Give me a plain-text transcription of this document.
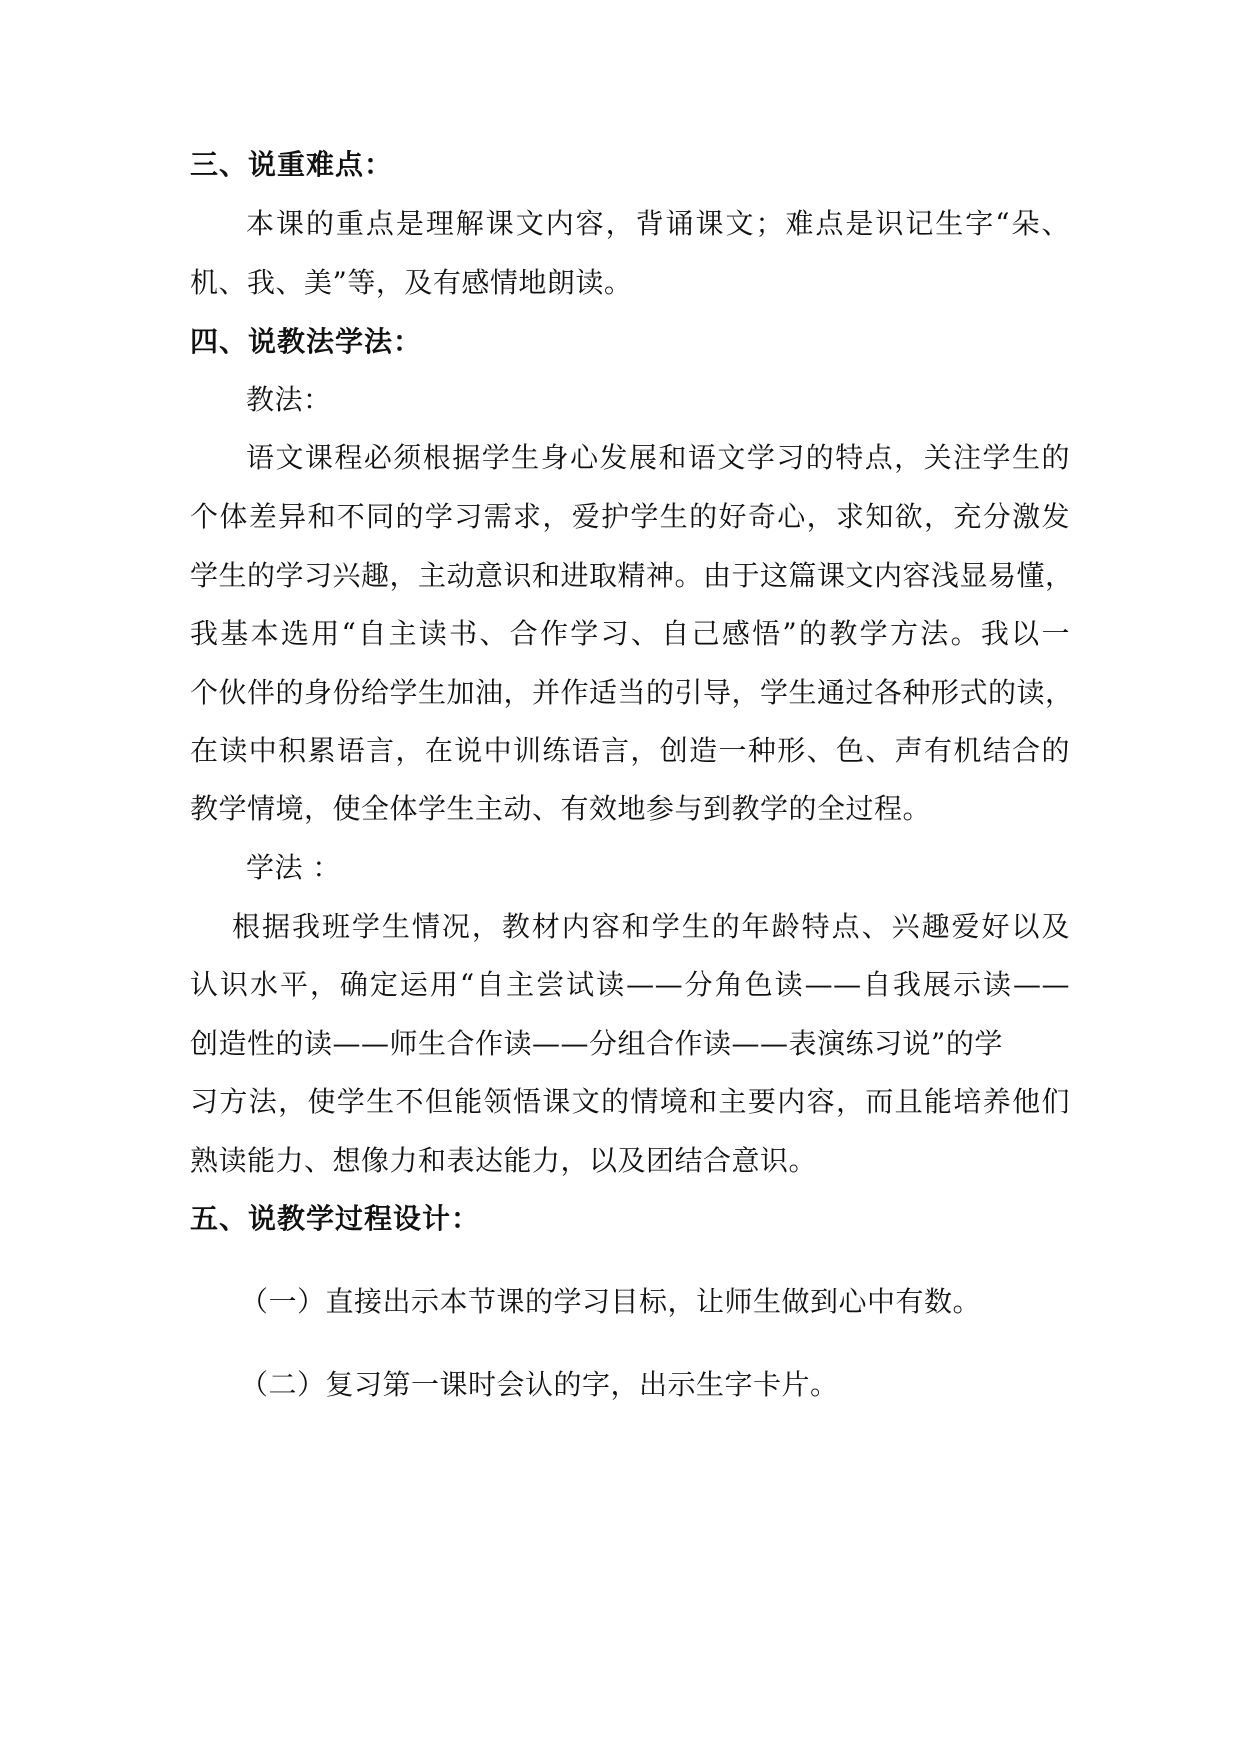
三、说重难点：
本课的重点是理解课文内容，背诵课文；难点是识记生字“朵、
机、我、美”等，及有感情地朗读。
四、说教法学法：
教法：
语文课程必须根据学生身心发展和语文学习的特点，关注学生的
个体差异和不同的学习需求，爱护学生的好奇心，求知欲，充分激发
学生的学习兴趣，主动意识和进取精神。由于这篇课文内容浅显易懂，
我基本选用“自主读书、合作学习、自己感悟”的教学方法。我以一
个伙伴的身份给学生加油，并作适当的引导，学生通过各种形式的读，
在读中积累语言，在说中训练语言，创造一种形、色、声有机结合的
教学情境，使全体学生主动、有效地参与到教学的全过程。
学法 ：
根据我班学生情况，教材内容和学生的年龄特点、兴趣爱好以及
认识水平，确定运用“自主尝试读——分角色读——自我展示读——
创造性的读——师生合作读——分组合作读——表演练习说”的学
习方法，使学生不但能领悟课文的情境和主要内容，而且能培养他们
熟读能力、想像力和表达能力，以及团结合意识。
五、说教学过程设计：
（一）直接出示本节课的学习目标，让师生做到心中有数。
（二）复习第一课时会认的字，出示生字卡片。
